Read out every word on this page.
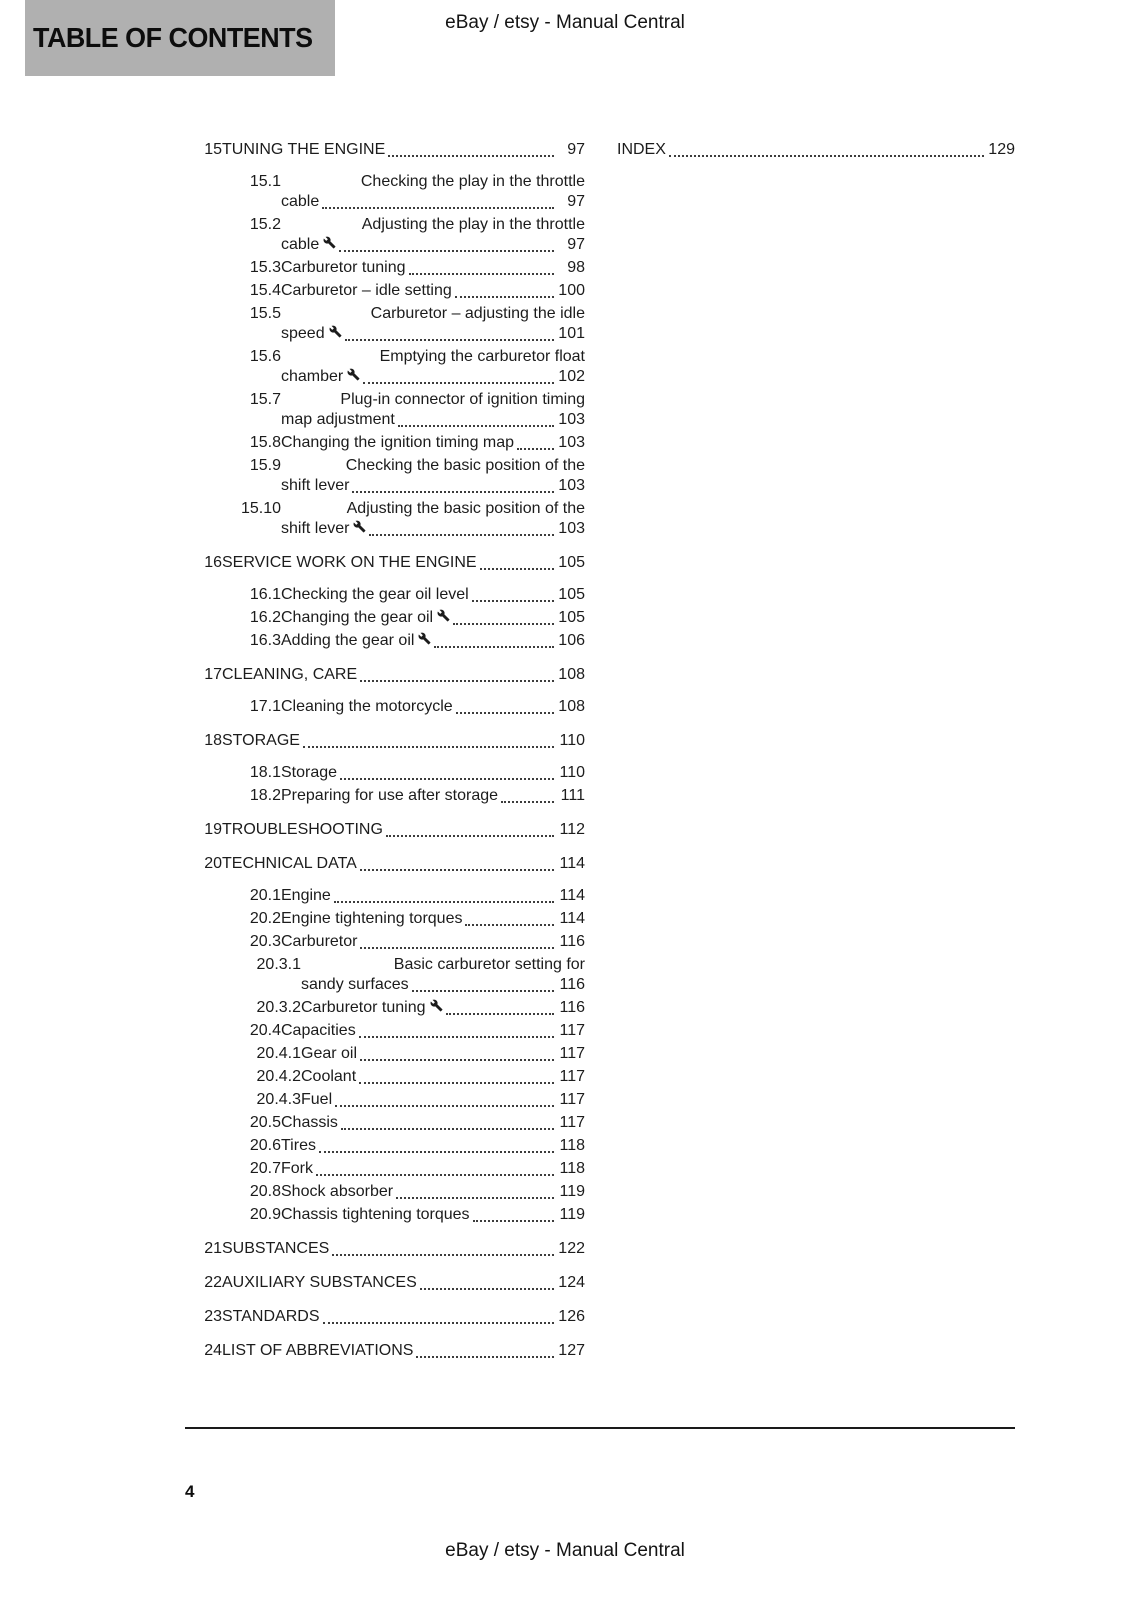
TABLE OF CONTENTS	eBay / etsy - Manual Central
15 TUNING THE ENGINE	97
15.1	Checking the play in the throttle
cable	97
15.2	Adjusting the play in the throttle
cable	97
15.3 Carburetor tuning	98
15.4 Carburetor – idle setting	100
15.5	Carburetor – adjusting the idle
speed	101
15.6	Emptying the carburetor float
chamber	102
15.7	Plug-in connector of ignition timing
map adjustment	103
15.8 Changing the ignition timing map	103
15.9	Checking the basic position of the
shift lever	103
15.10	Adjusting the basic position of the
shift lever	103
16 SERVICE WORK ON THE ENGINE	105
16.1 Checking the gear oil level	105
16.2 Changing the gear oil	105
16.3 Adding the gear oil	106
17 CLEANING, CARE	108
17.1 Cleaning the motorcycle	108
18 STORAGE	110
18.1 Storage	110
18.2 Preparing for use after storage	111
19 TROUBLESHOOTING	112
20 TECHNICAL DATA	114
20.1 Engine	114
20.2 Engine tightening torques	114
20.3 Carburetor	116
20.3.1	Basic carburetor setting for
sandy surfaces	116
20.3.2 Carburetor tuning	116
20.4 Capacities	117
20.4.1 Gear oil	117
20.4.2 Coolant	117
20.4.3 Fuel	117
20.5 Chassis	117
20.6 Tires	118
20.7 Fork	118
20.8 Shock absorber	119
20.9 Chassis tightening torques	119
21 SUBSTANCES	122
22 AUXILIARY SUBSTANCES	124
23 STANDARDS	126
24 LIST OF ABBREVIATIONS	127
INDEX	129
4
eBay / etsy - Manual Central
